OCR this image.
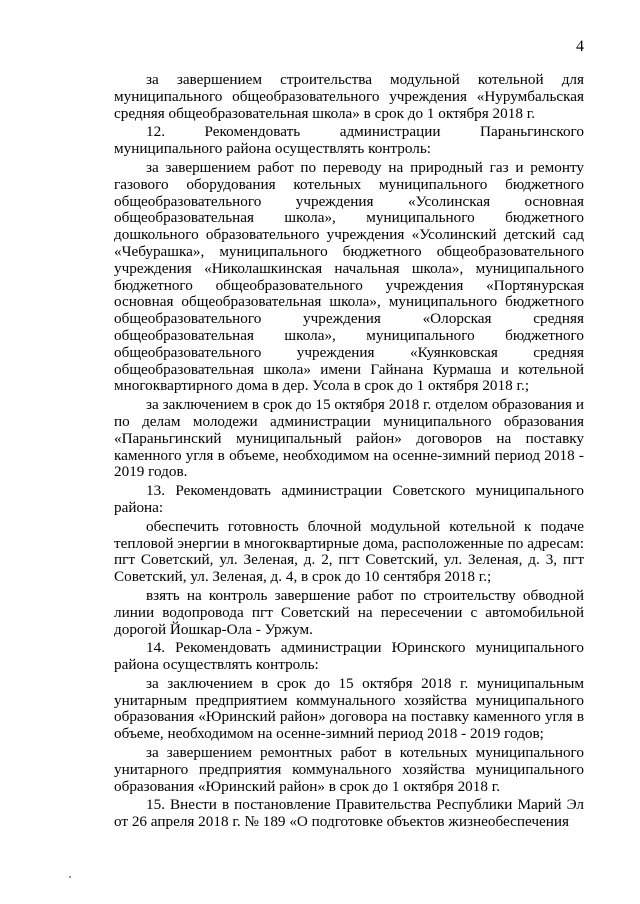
4

за завершением строительства модульной котельной для муниципального общеобразовательного учреждения «Нурумбальская средняя общеобразовательная школа» в срок до 1 октября 2018 г.

12. Рекомендовать администрации Параньгинского муниципального района осуществлять контроль:

за завершением работ по переводу на природный газ и ремонту газового оборудования котельных муниципального бюджетного общеобразовательного учреждения «Усолинская основная общеобразовательная школа», муниципального бюджетного дошкольного образовательного учреждения «Усолинский детский сад «Чебурашка», муниципального бюджетного общеобразовательного учреждения «Николашкинская начальная школа», муниципального бюджетного общеобразовательного учреждения «Портянурская основная общеобразовательная школа», муниципального бюджетного общеобразовательного учреждения «Олорская средняя общеобразовательная школа», муниципального бюджетного общеобразовательного учреждения «Куянковская средняя общеобразовательная школа» имени Гайнана Курмаша и котельной многоквартирного дома в дер. Усола в срок до 1 октября 2018 г.;

за заключением в срок до 15 октября 2018 г. отделом образования и по делам молодежи администрации муниципального образования «Параньгинский муниципальный район» договоров на поставку каменного угля в объеме, необходимом на осенне-зимний период 2018 - 2019 годов.

13. Рекомендовать администрации Советского муниципального района:

обеспечить готовность блочной модульной котельной к подаче тепловой энергии в многоквартирные дома, расположенные по адресам: пгт Советский, ул. Зеленая, д. 2, пгт Советский, ул. Зеленая, д. 3, пгт Советский, ул. Зеленая, д. 4, в срок до 10 сентября 2018 г.;

взять на контроль завершение работ по строительству обводной линии водопровода пгт Советский на пересечении с автомобильной дорогой Йошкар-Ола - Уржум.

14. Рекомендовать администрации Юринского муниципального района осуществлять контроль:

за заключением в срок до 15 октября 2018 г. муниципальным унитарным предприятием коммунального хозяйства муниципального образования «Юринский район» договора на поставку каменного угля в объеме, необходимом на осенне-зимний период 2018 - 2019 годов;

за завершением ремонтных работ в котельных муниципального унитарного предприятия коммунального хозяйства муниципального образования «Юринский район» в срок до 1 октября 2018 г.

15. Внести в постановление Правительства Республики Марий Эл от 26 апреля 2018 г. № 189 «О подготовке объектов жизнеобеспечения
